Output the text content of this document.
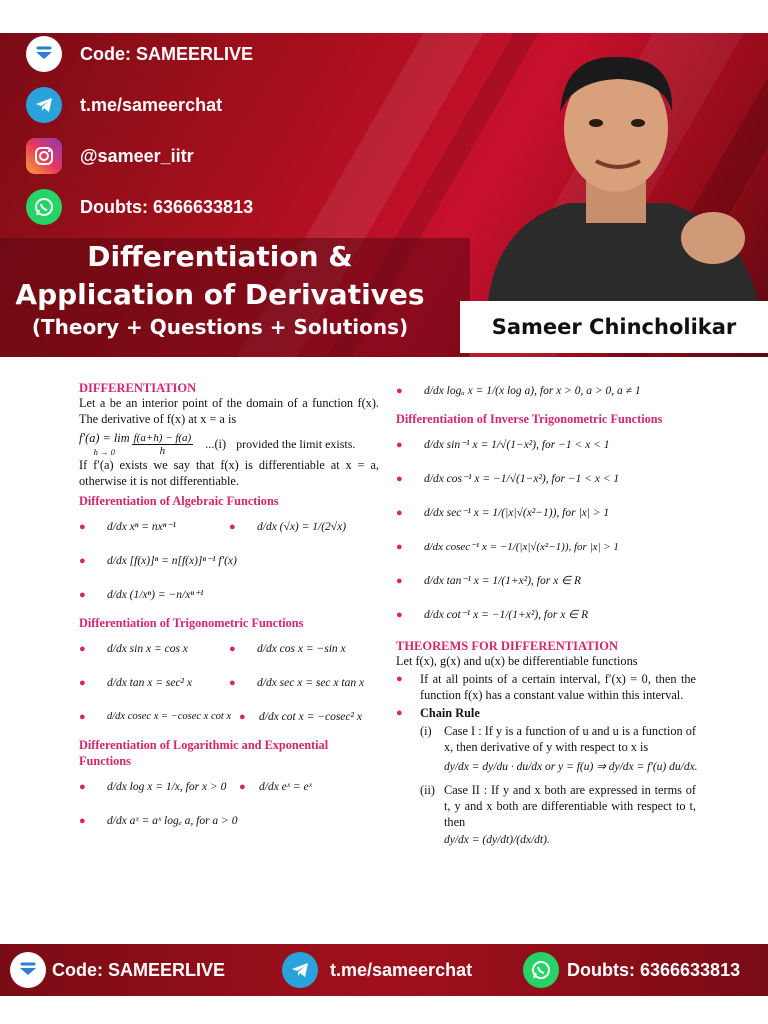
Code: SAMEERLIVE
t.me/sameerchat
@sameer_iitr
Doubts: 6366633813
Differentiation &
Application of Derivatives
(Theory + Questions + Solutions)	Sameer Chincholikar
DIFFERENTIATION
Let a be an interior point of the domain of a function f(x). The derivative of f(x) at x = a is
f′(a) = lim
$h \to 0 \frac{f(a+h) - f(a)}{h} ...(i)$ provided the limit exists.
If f′(a) exists we say that f(x) is differentiable at x = a, otherwise it is not differentiable.
Differentiation of Algebraic Functions
●	d/dx xⁿ = nxⁿ⁻¹	●	d/dx (√x) = 1/(2√x)
●	d/dx [f(x)]ⁿ = n[f(x)]ⁿ⁻¹ f′(x)
●	d/dx (1/xⁿ) = −n/xⁿ⁺¹
Differentiation of Trigonometric Functions
●	d/dx sin x = cos x	●	d/dx cos x = −sin x
●	d/dx tan x = sec² x	●	d/dx sec x = sec x tan x
●	d/dx cosec x = −cosec x cot x ●	d/dx cot x = −cosec² x
Differentiation of Logarithmic and Exponential Functions
●	d/dx log x = 1/x, for x > 0 ●	d/dx eˣ = eˣ
●	d/dx aˣ = aˣ logₑ a, for a > 0
●	d/dx logₐ x = 1/(x log a), for x > 0, a > 0, a ≠ 1
Differentiation of Inverse Trigonometric Functions
●	d/dx sin⁻¹ x = 1/√(1−x²), for −1 < x < 1
●	d/dx cos⁻¹ x = −1/√(1−x²), for −1 < x < 1
●	d/dx sec⁻¹ x = 1/(|x|√(x²−1)), for |x| > 1
●	d/dx cosec⁻¹ x = −1/(|x|√(x²−1)), for |x| > 1
●	d/dx tan⁻¹ x = 1/(1+x²), for x ∈ R
●	d/dx cot⁻¹ x = −1/(1+x²), for x ∈ R
THEOREMS FOR DIFFERENTIATION
Let f(x), g(x) and u(x) be differentiable functions
●	If at all points of a certain interval, f′(x) = 0, then the function f(x) has a constant value within this interval.
●	Chain Rule
(i) Case I : If y is a function of u and u is a function of x, then derivative of y with respect to x is
dy/dx = dy/du · du/dx or y = f(u) ⇒ dy/dx = f′(u) du/dx.
(ii) Case II : If y and x both are expressed in terms of t, y and x both are differentiable with respect to t, then
dy/dx = (dy/dt)/(dx/dt).
Code: SAMEERLIVE	t.me/sameerchat	Doubts: 6366633813
